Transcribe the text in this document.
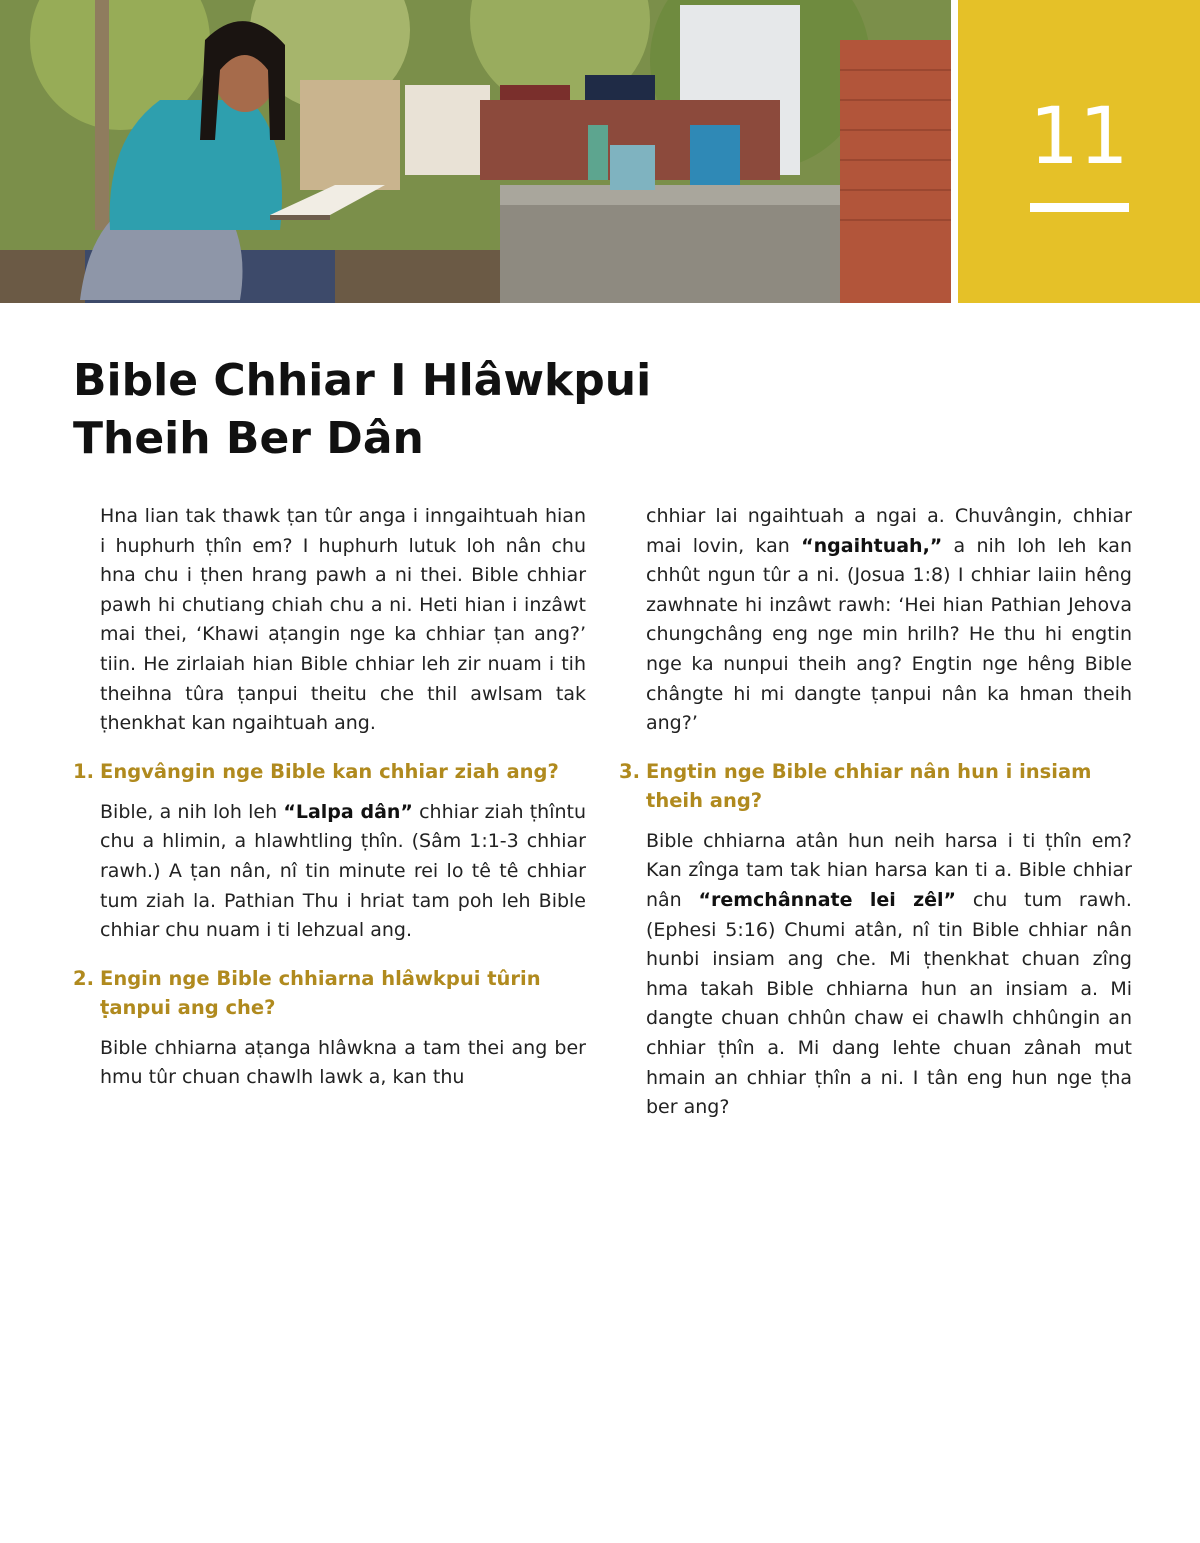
11
Bible Chhiar I Hlâwkpui
Theih Ber Dân

Hna lian tak thawk ṭan tûr anga i inngaihtuah hian i huphurh ṭhîn em? I huphurh lutuk loh nân chu hna chu i ṭhen hrang pawh a ni thei. Bible chhiar pawh hi chutiang chiah chu a ni. Heti hian i inzâwt mai thei, ‘Khawi aṭangin nge ka chhiar ṭan ang?’ tiin. He zirlaiah hian Bible chhiar leh zir nuam i tih theihna tûra ṭanpui theitu che thil awlsam tak ṭhenkhat kan ngaihtuah ang.

1. Engvângin nge Bible kan chhiar ziah ang?

Bible, a nih loh leh “Lalpa dân” chhiar ziah ṭhîntu chu a hlimin, a hlawhtling ṭhîn. (Sâm 1:1-3 chhiar rawh.) A ṭan nân, nî tin minute rei lo tê tê chhiar tum ziah la. Pathian Thu i hriat tam poh leh Bible chhiar chu nuam i ti lehzual ang.

2. Engin nge Bible chhiarna hlâwkpui tûrin ṭanpui ang che?

Bible chhiarna aṭanga hlâwkna a tam thei ang ber hmu tûr chuan chawlh lawk a, kan thu

chhiar lai ngaihtuah a ngai a. Chuvângin, chhiar mai lovin, kan “ngaihtuah,” a nih loh leh kan chhût ngun tûr a ni. (Josua 1:8) I chhiar laiin hêng zawhnate hi inzâwt rawh: ‘Hei hian Pathian Jehova chungchâng eng nge min hrilh? He thu hi engtin nge ka nunpui theih ang? Engtin nge hêng Bible chângte hi mi dangte ṭanpui nân ka hman theih ang?’

3. Engtin nge Bible chhiar nân hun i insiam theih ang?

Bible chhiarna atân hun neih harsa i ti ṭhîn em? Kan zînga tam tak hian harsa kan ti a. Bible chhiar nân “remchânnate lei zêl” chu tum rawh. (Ephesi 5:16) Chumi atân, nî tin Bible chhiar nân hunbi insiam ang che. Mi ṭhenkhat chuan zîng hma takah Bible chhiarna hun an insiam a. Mi dangte chuan chhûn chaw ei chawlh chhûngin an chhiar ṭhîn a. Mi dang lehte chuan zânah mut hmain an chhiar ṭhîn a ni. I tân eng hun nge ṭha ber ang?
